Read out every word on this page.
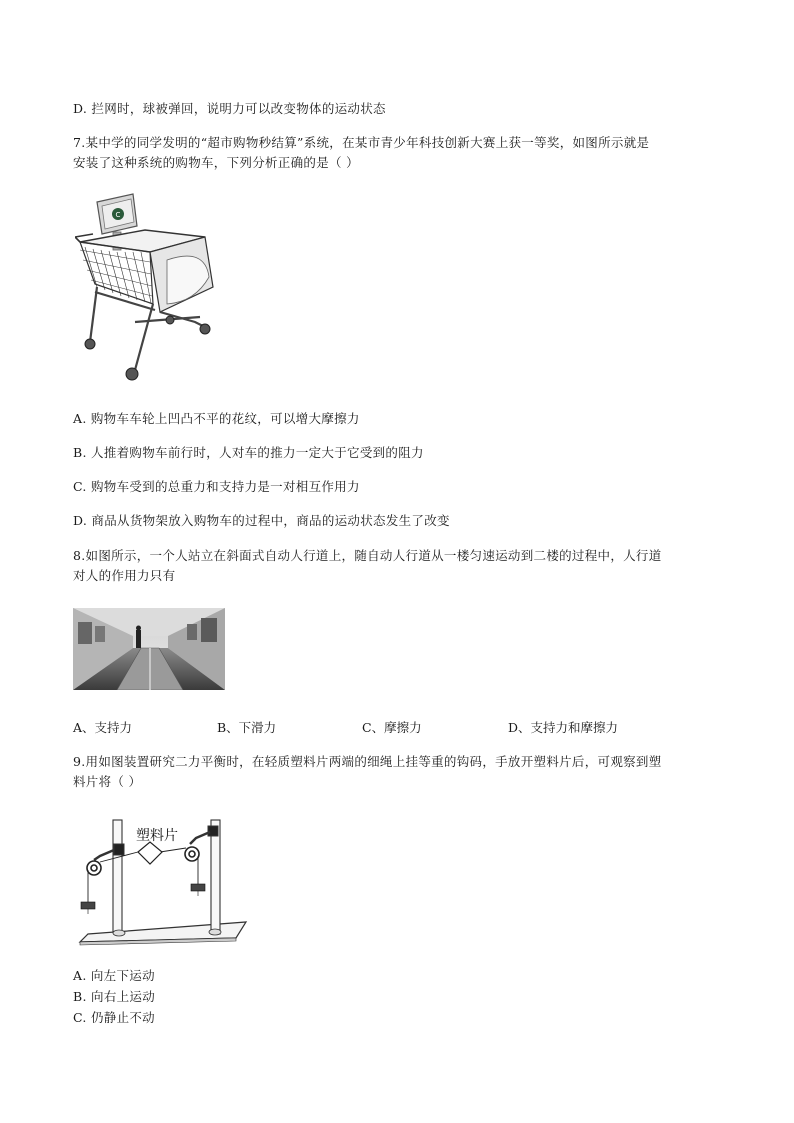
D. 拦网时，球被弹回，说明力可以改变物体的运动状态
7.某中学的同学发明的“超市购物秒结算”系统，在某市青少年科技创新大赛上获一等奖，如图所示就是
安装了这种系统的购物车，下列分析正确的是（ ）
C
A. 购物车车轮上凹凸不平的花纹，可以增大摩擦力
B. 人推着购物车前行时，人对车的推力一定大于它受到的阻力
C. 购物车受到的总重力和支持力是一对相互作用力
D. 商品从货物架放入购物车的过程中，商品的运动状态发生了改变
8.如图所示，一个人站立在斜面式自动人行道上，随自动人行道从一楼匀速运动到二楼的过程中，人行道
对人的作用力只有
A、支持力	B、下滑力	C、摩擦力	D、支持力和摩擦力
9.用如图装置研究二力平衡时，在轻质塑料片两端的细绳上挂等重的钩码，手放开塑料片后，可观察到塑
料片将（ ）
塑料片
A. 向左下运动
B. 向右上运动
C. 仍静止不动
